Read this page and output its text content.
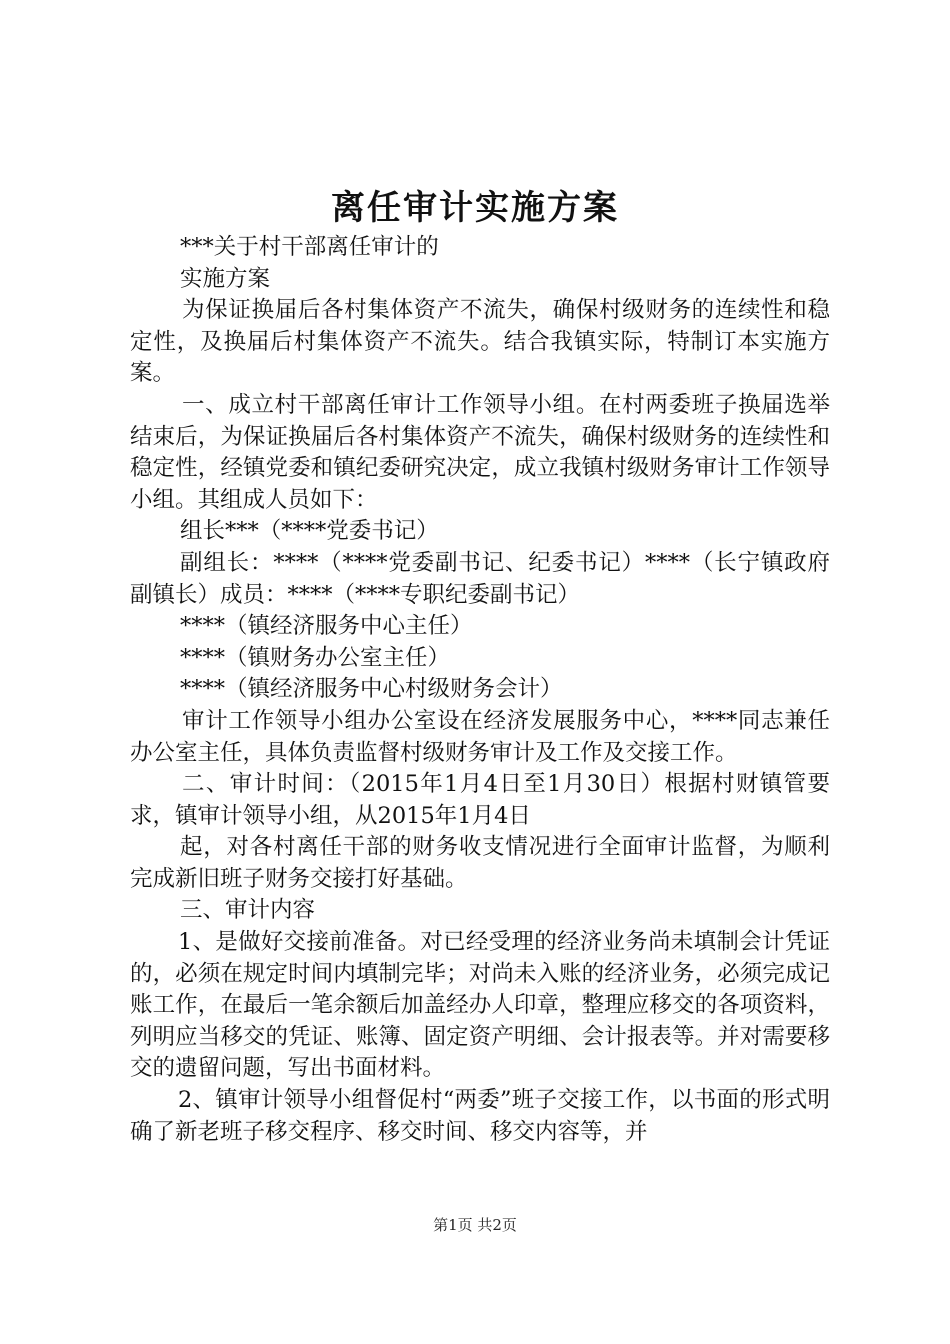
离任审计实施方案

***关于村干部离任审计的

实施方案

为保证换届后各村集体资产不流失，确保村级财务的连续性和稳定性，及换届后村集体资产不流失。结合我镇实际，特制订本实施方案。

一、成立村干部离任审计工作领导小组。在村两委班子换届选举结束后，为保证换届后各村集体资产不流失，确保村级财务的连续性和稳定性，经镇党委和镇纪委研究决定，成立我镇村级财务审计工作领导小组。其组成人员如下：

组长***（****党委书记）

副组长：****（****党委副书记、纪委书记）****（长宁镇政府副镇长）成员：****（****专职纪委副书记）

****（镇经济服务中心主任）

****（镇财务办公室主任）

****（镇经济服务中心村级财务会计）

审计工作领导小组办公室设在经济发展服务中心，****同志兼任办公室主任，具体负责监督村级财务审计及工作及交接工作。

二、审计时间：（2015年1月4日至1月30日）根据村财镇管要求，镇审计领导小组，从2015年1月4日

起，对各村离任干部的财务收支情况进行全面审计监督，为顺利完成新旧班子财务交接打好基础。

三、审计内容

1、是做好交接前准备。对已经受理的经济业务尚未填制会计凭证的，必须在规定时间内填制完毕；对尚未入账的经济业务，必须完成记账工作，在最后一笔余额后加盖经办人印章，整理应移交的各项资料，列明应当移交的凭证、账簿、固定资产明细、会计报表等。并对需要移交的遗留问题，写出书面材料。

2、镇审计领导小组督促村“两委”班子交接工作，以书面的形式明确了新老班子移交程序、移交时间、移交内容等，并

第1页 共2页
